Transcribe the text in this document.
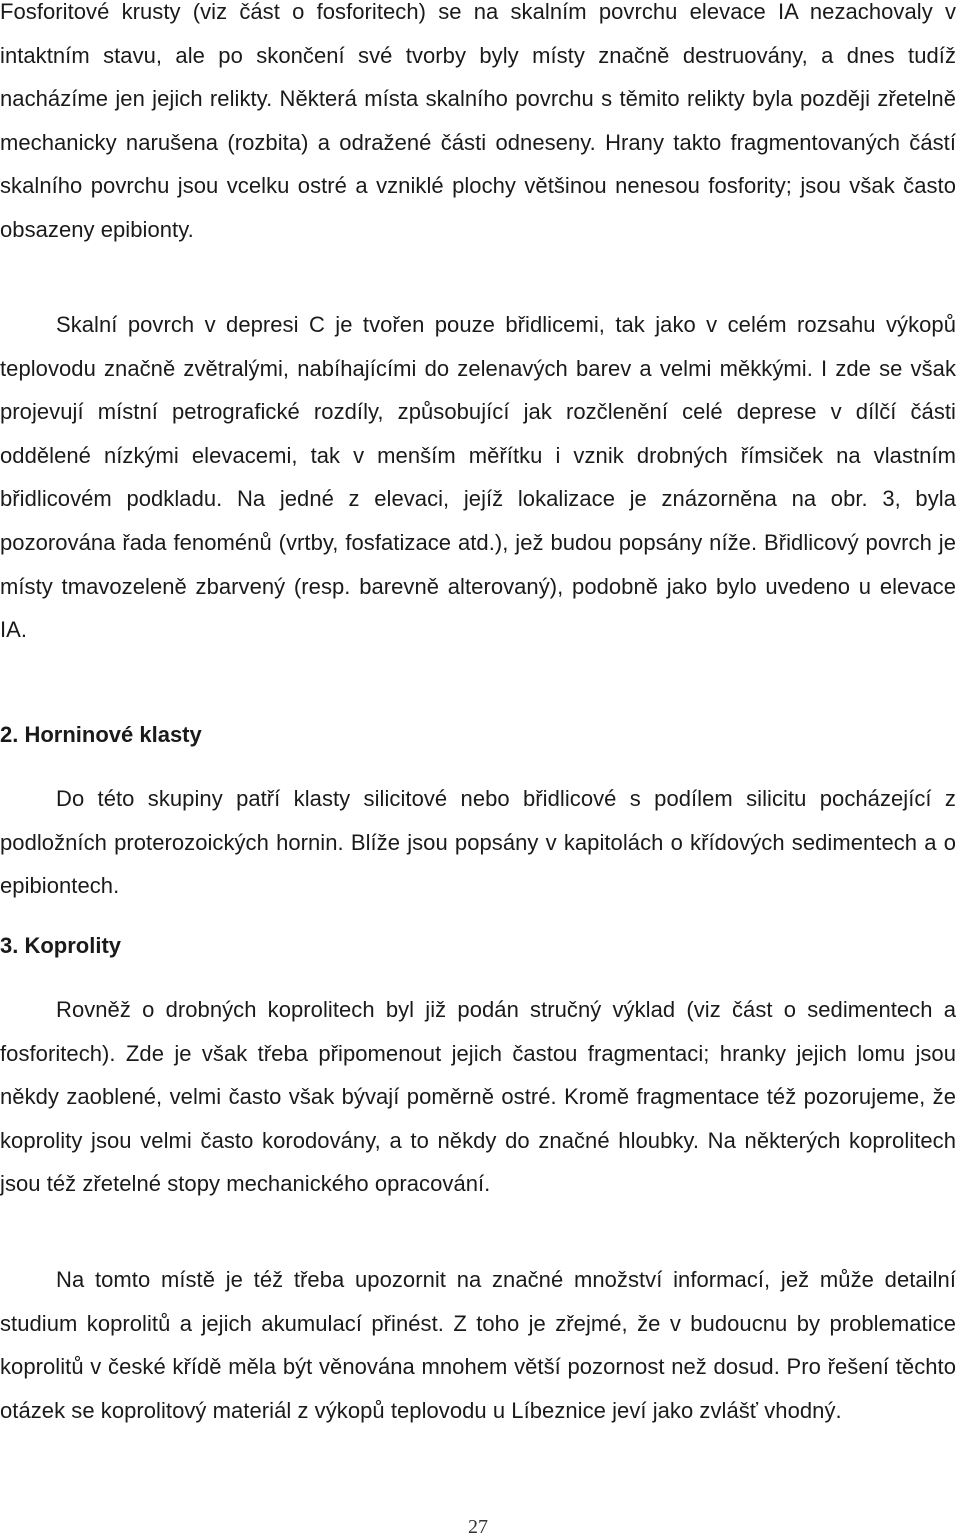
Fosforitové krusty (viz část o fosforitech) se na skalním povrchu elevace IA nezachovaly v intaktním stavu, ale po skončení své tvorby byly místy značně destruovány, a dnes tudíž nacházíme jen jejich relikty. Některá místa skalního povrchu s těmito relikty byla později zřetelně mechanicky narušena (rozbita) a odražené části odneseny. Hrany takto fragmentovaných částí skalního povrchu jsou vcelku ostré a vzniklé plochy většinou nenesou fosfority; jsou však často obsazeny epibionty.

Skalní povrch v depresi C je tvořen pouze břidlicemi, tak jako v celém rozsahu výkopů teplovodu značně zvětralými, nabíhajícími do zelenavých barev a velmi měkkými. I zde se však projevují místní petrografické rozdíly, způsobující jak rozčlenění celé deprese v dílčí části oddělené nízkými elevacemi, tak v menším měřítku i vznik drobných římsiček na vlastním břidlicovém podkladu. Na jedné z elevaci, jejíž lokalizace je znázorněna na obr. 3, byla pozorována řada fenoménů (vrtby, fosfatizace atd.), jež budou popsány níže. Břidlicový povrch je místy tmavozeleně zbarvený (resp. barevně alterovaný), podobně jako bylo uvedeno u elevace IA.

2. Horninové klasty

Do této skupiny patří klasty silicitové nebo břidlicové s podílem silicitu pocházející z podložních proterozoických hornin. Blíže jsou popsány v kapitolách o křídových sedimentech a o epibiontech.

3. Koprolity

Rovněž o drobných koprolitech byl již podán stručný výklad (viz část o sedimentech a fosforitech). Zde je však třeba připomenout jejich častou fragmentaci; hranky jejich lomu jsou někdy zaoblené, velmi často však bývají poměrně ostré. Kromě fragmentace též pozorujeme, že koprolity jsou velmi často korodovány, a to někdy do značné hloubky. Na některých koprolitech jsou též zřetelné stopy mechanického opracování.

Na tomto místě je též třeba upozornit na značné množství informací, jež může detailní studium koprolitů a jejich akumulací přinést. Z toho je zřejmé, že v budoucnu by problematice koprolitů v české křídě měla být věnována mnohem větší pozornost než dosud. Pro řešení těchto otázek se koprolitový materiál z výkopů teplovodu u Líbeznice jeví jako zvlášť vhodný.

27
